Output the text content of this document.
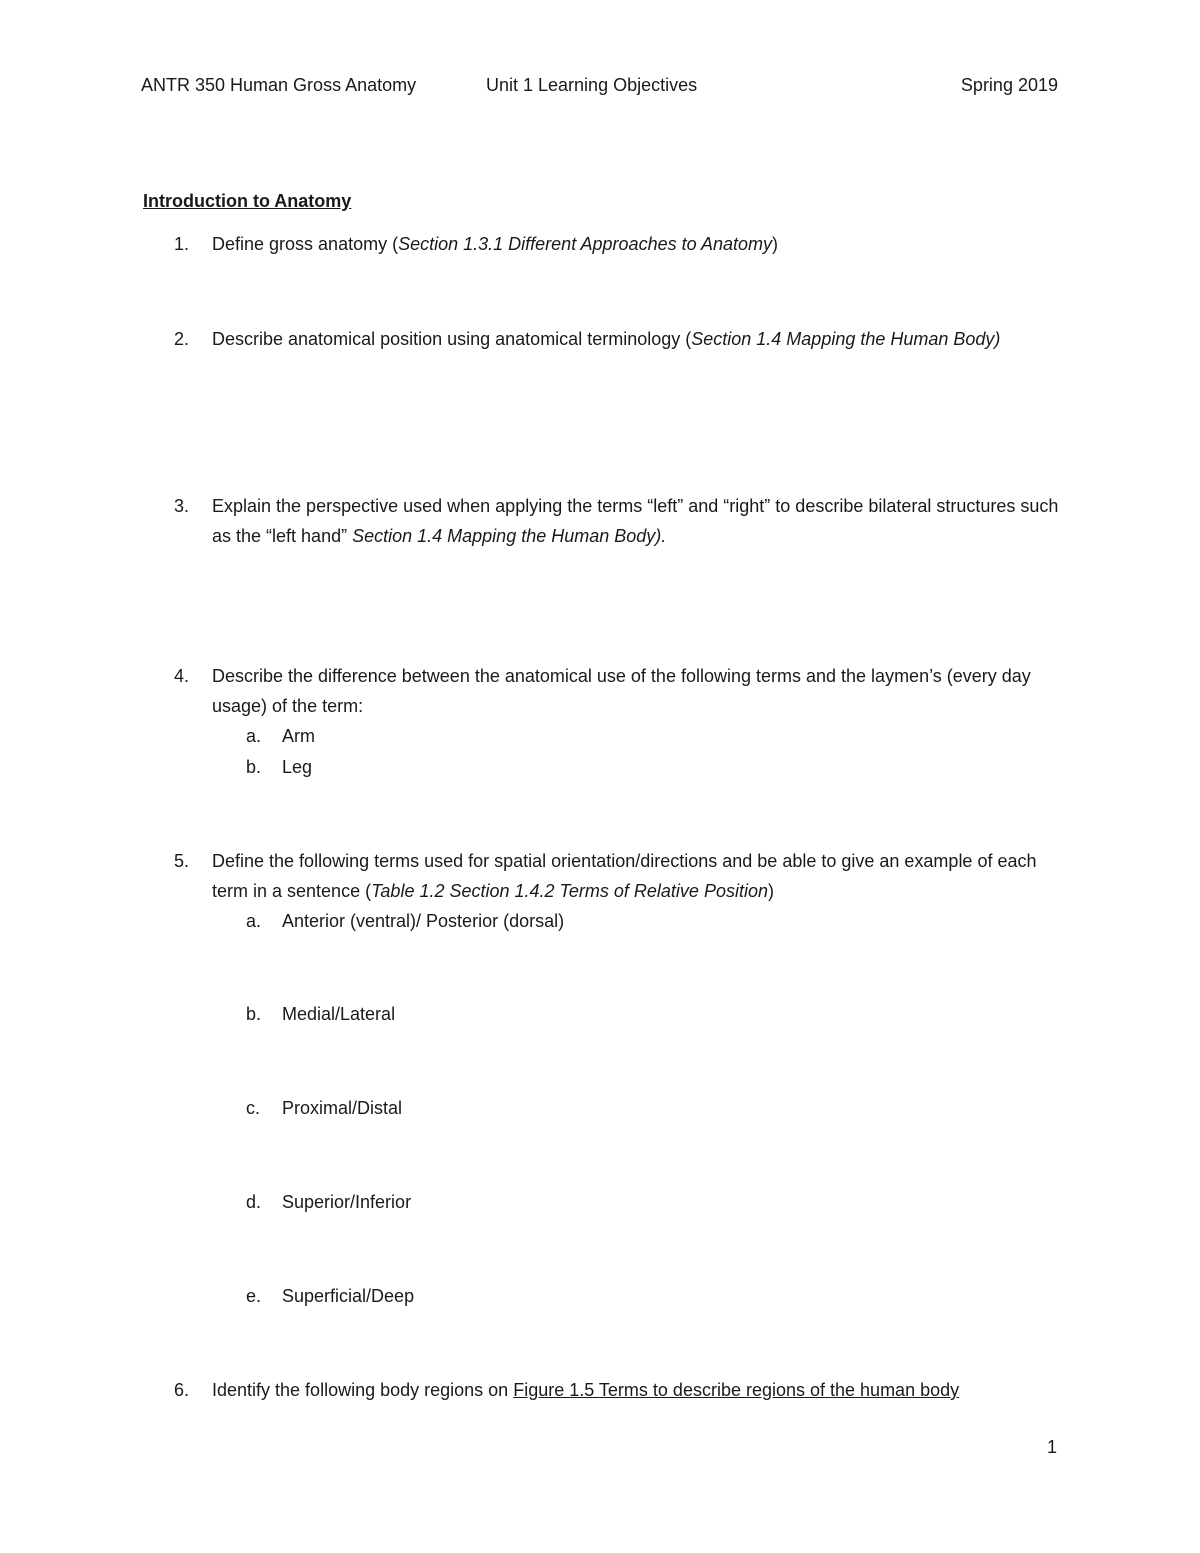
ANTR 350 Human Gross Anatomy	Unit 1 Learning Objectives	Spring 2019
Introduction to Anatomy
1. Define gross anatomy (Section 1.3.1 Different Approaches to Anatomy)
2. Describe anatomical position using anatomical terminology (Section 1.4 Mapping the Human Body)
3. Explain the perspective used when applying the terms “left” and “right” to describe bilateral structures such as the “left hand” Section 1.4 Mapping the Human Body).
4. Describe the difference between the anatomical use of the following terms and the laymen’s (every day usage) of the term:
a. Arm
b. Leg
5. Define the following terms used for spatial orientation/directions and be able to give an example of each term in a sentence (Table 1.2 Section 1.4.2 Terms of Relative Position)
a. Anterior (ventral)/ Posterior (dorsal)
b. Medial/Lateral
c. Proximal/Distal
d. Superior/Inferior
e. Superficial/Deep
6. Identify the following body regions on Figure 1.5 Terms to describe regions of the human body
1
